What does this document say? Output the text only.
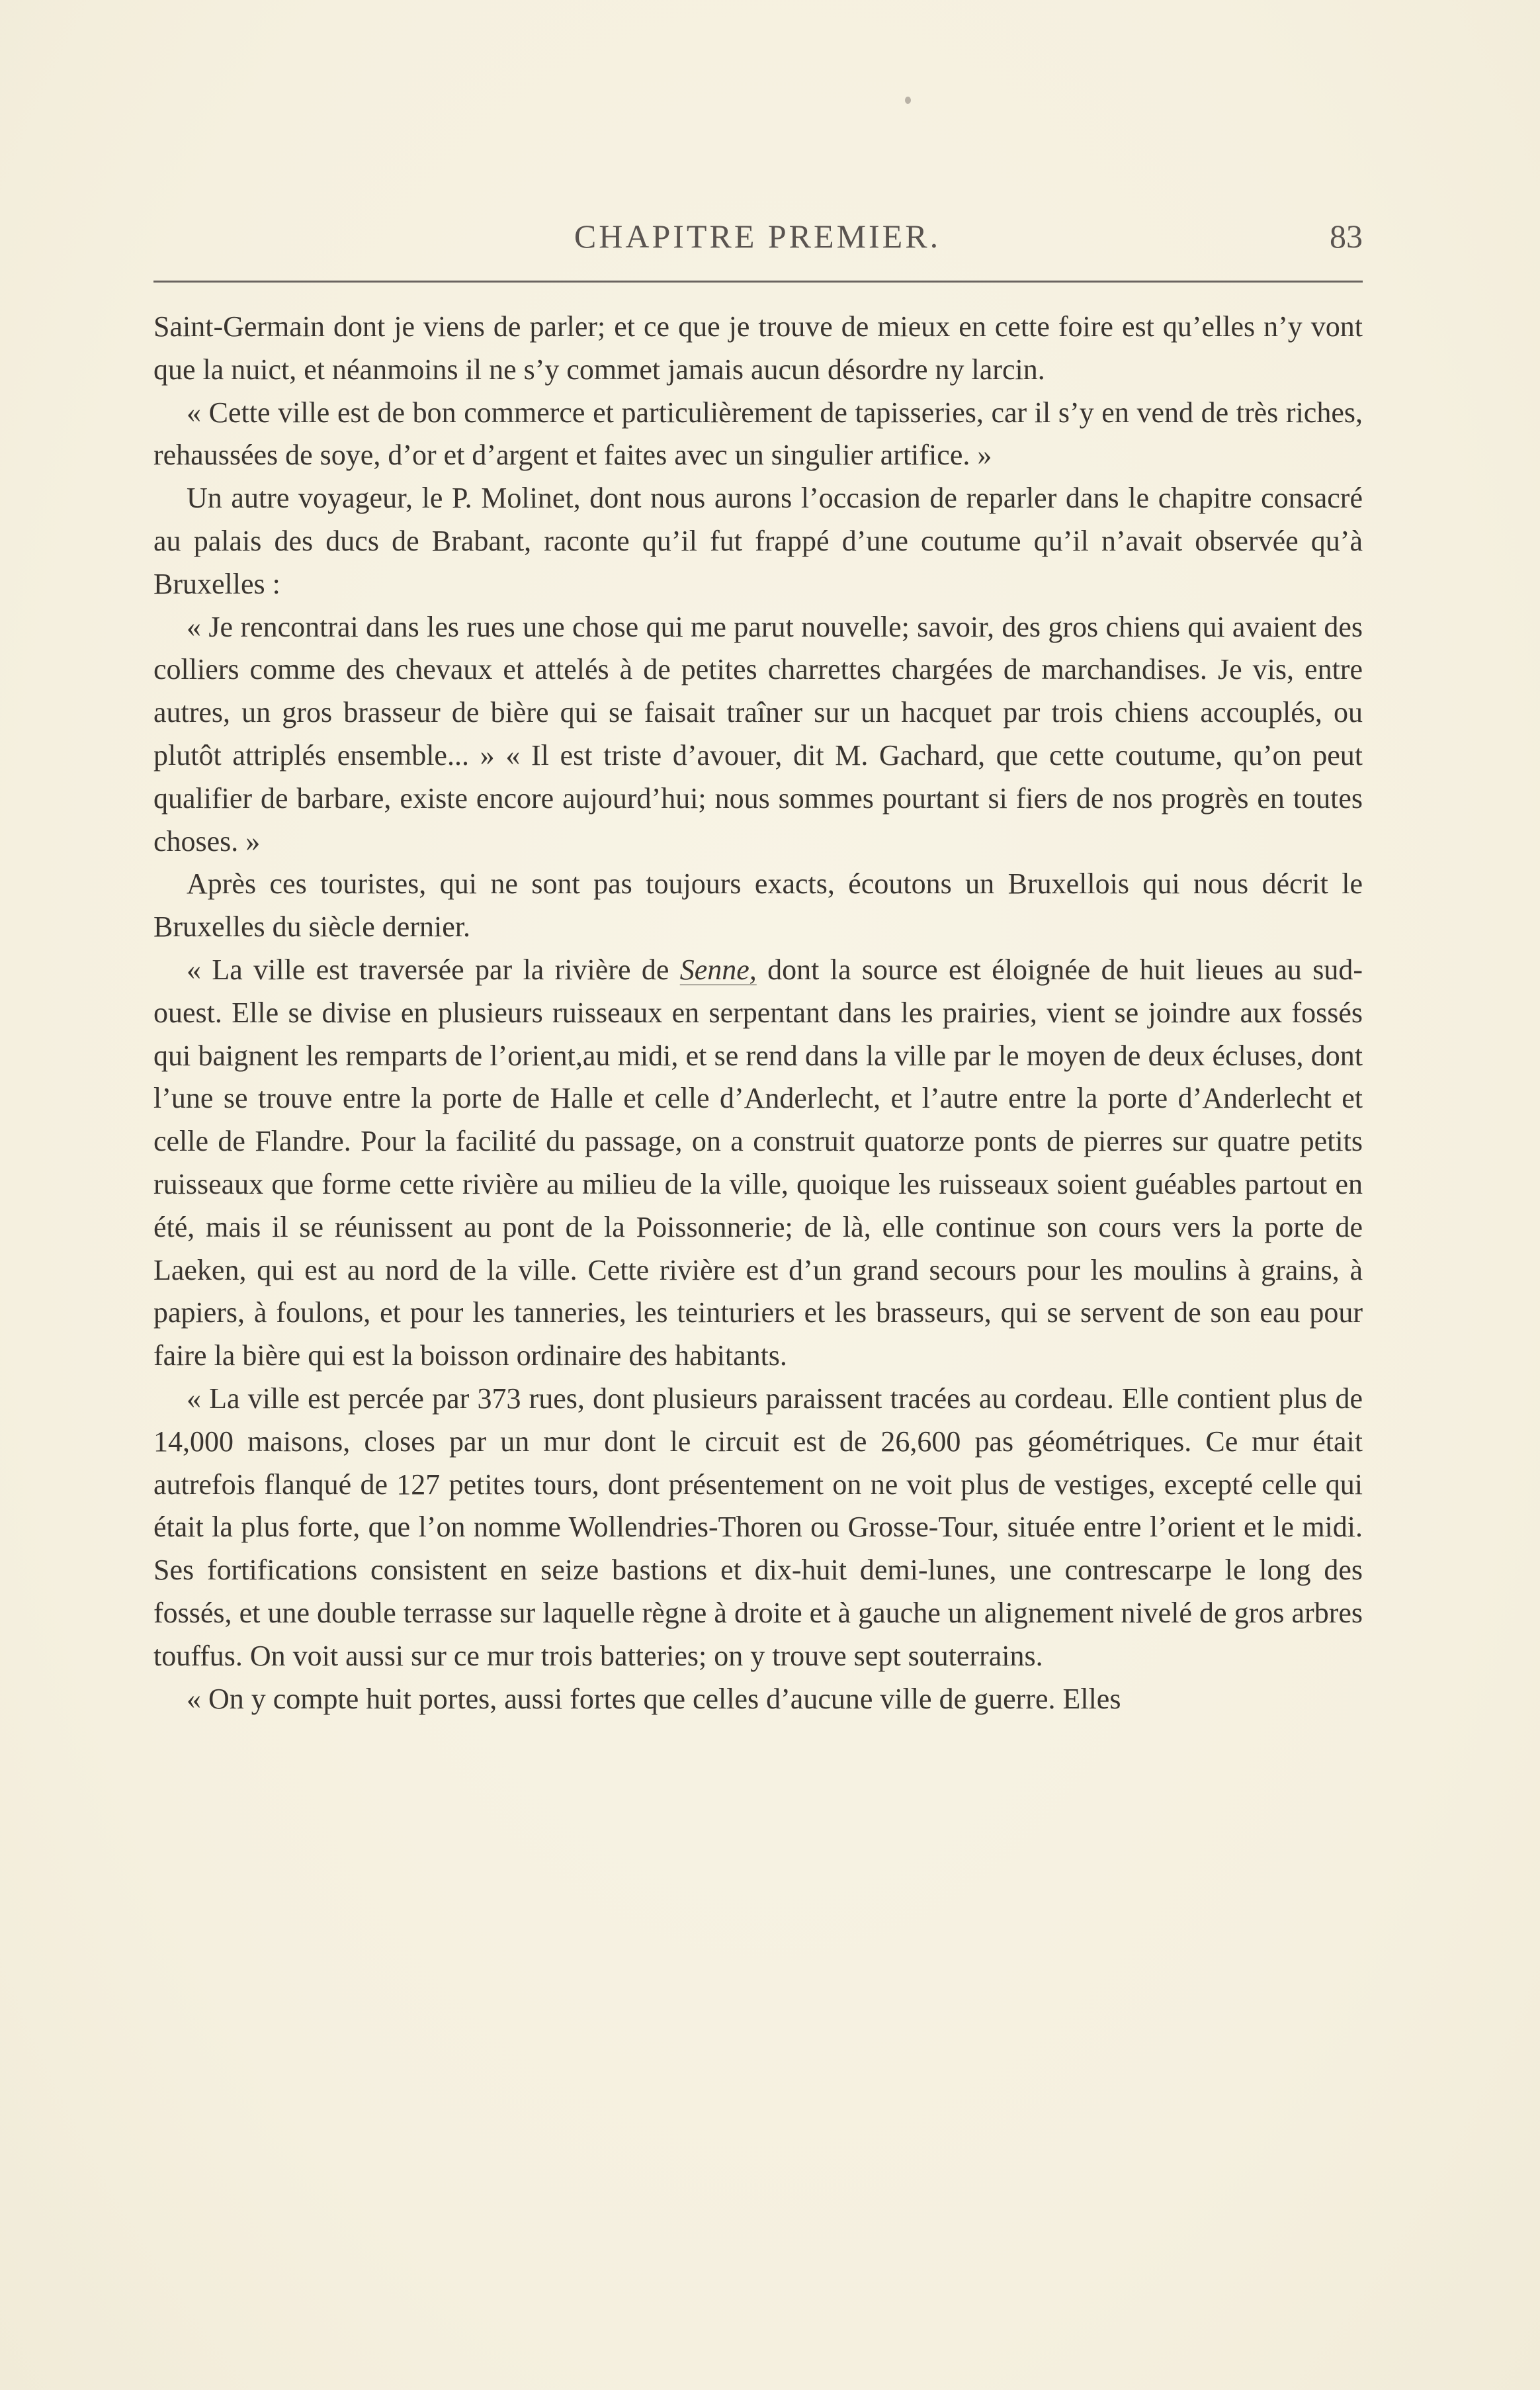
CHAPITRE PREMIER.	83

Saint-Germain dont je viens de parler; et ce que je trouve de mieux en cette foire est qu’elles n’y vont que la nuict, et néanmoins il ne s’y commet jamais aucun désordre ny larcin.

« Cette ville est de bon commerce et particulièrement de tapisseries, car il s’y en vend de très riches, rehaussées de soye, d’or et d’argent et faites avec un singulier artifice. »

Un autre voyageur, le P. Molinet, dont nous aurons l’occasion de reparler dans le chapitre consacré au palais des ducs de Brabant, raconte qu’il fut frappé d’une coutume qu’il n’avait observée qu’à Bruxelles :

« Je rencontrai dans les rues une chose qui me parut nouvelle; savoir, des gros chiens qui avaient des colliers comme des chevaux et attelés à de petites charrettes chargées de marchandises. Je vis, entre autres, un gros brasseur de bière qui se faisait traîner sur un hacquet par trois chiens accouplés, ou plutôt attriplés ensemble... » « Il est triste d’avouer, dit M. Gachard, que cette coutume, qu’on peut qualifier de barbare, existe encore aujourd’hui; nous sommes pourtant si fiers de nos progrès en toutes choses. »

Après ces touristes, qui ne sont pas toujours exacts, écoutons un Bruxellois qui nous décrit le Bruxelles du siècle dernier.

« La ville est traversée par la rivière de Senne, dont la source est éloignée de huit lieues au sud-ouest. Elle se divise en plusieurs ruisseaux en serpentant dans les prairies, vient se joindre aux fossés qui baignent les remparts de l’orient,au midi, et se rend dans la ville par le moyen de deux écluses, dont l’une se trouve entre la porte de Halle et celle d’Anderlecht, et l’autre entre la porte d’Anderlecht et celle de Flandre. Pour la facilité du passage, on a construit quatorze ponts de pierres sur quatre petits ruisseaux que forme cette rivière au milieu de la ville, quoique les ruisseaux soient guéables partout en été, mais il se réunissent au pont de la Poissonnerie; de là, elle continue son cours vers la porte de Laeken, qui est au nord de la ville. Cette rivière est d’un grand secours pour les moulins à grains, à papiers, à foulons, et pour les tanneries, les teinturiers et les brasseurs, qui se servent de son eau pour faire la bière qui est la boisson ordinaire des habitants.

« La ville est percée par 373 rues, dont plusieurs paraissent tracées au cordeau. Elle contient plus de 14,000 maisons, closes par un mur dont le circuit est de 26,600 pas géométriques. Ce mur était autrefois flanqué de 127 petites tours, dont présentement on ne voit plus de vestiges, excepté celle qui était la plus forte, que l’on nomme Wollendries-Thoren ou Grosse-Tour, située entre l’orient et le midi. Ses fortifications consistent en seize bastions et dix-huit demi-lunes, une contrescarpe le long des fossés, et une double terrasse sur laquelle règne à droite et à gauche un alignement nivelé de gros arbres touffus. On voit aussi sur ce mur trois batteries; on y trouve sept souterrains.

« On y compte huit portes, aussi fortes que celles d’aucune ville de guerre. Elles
